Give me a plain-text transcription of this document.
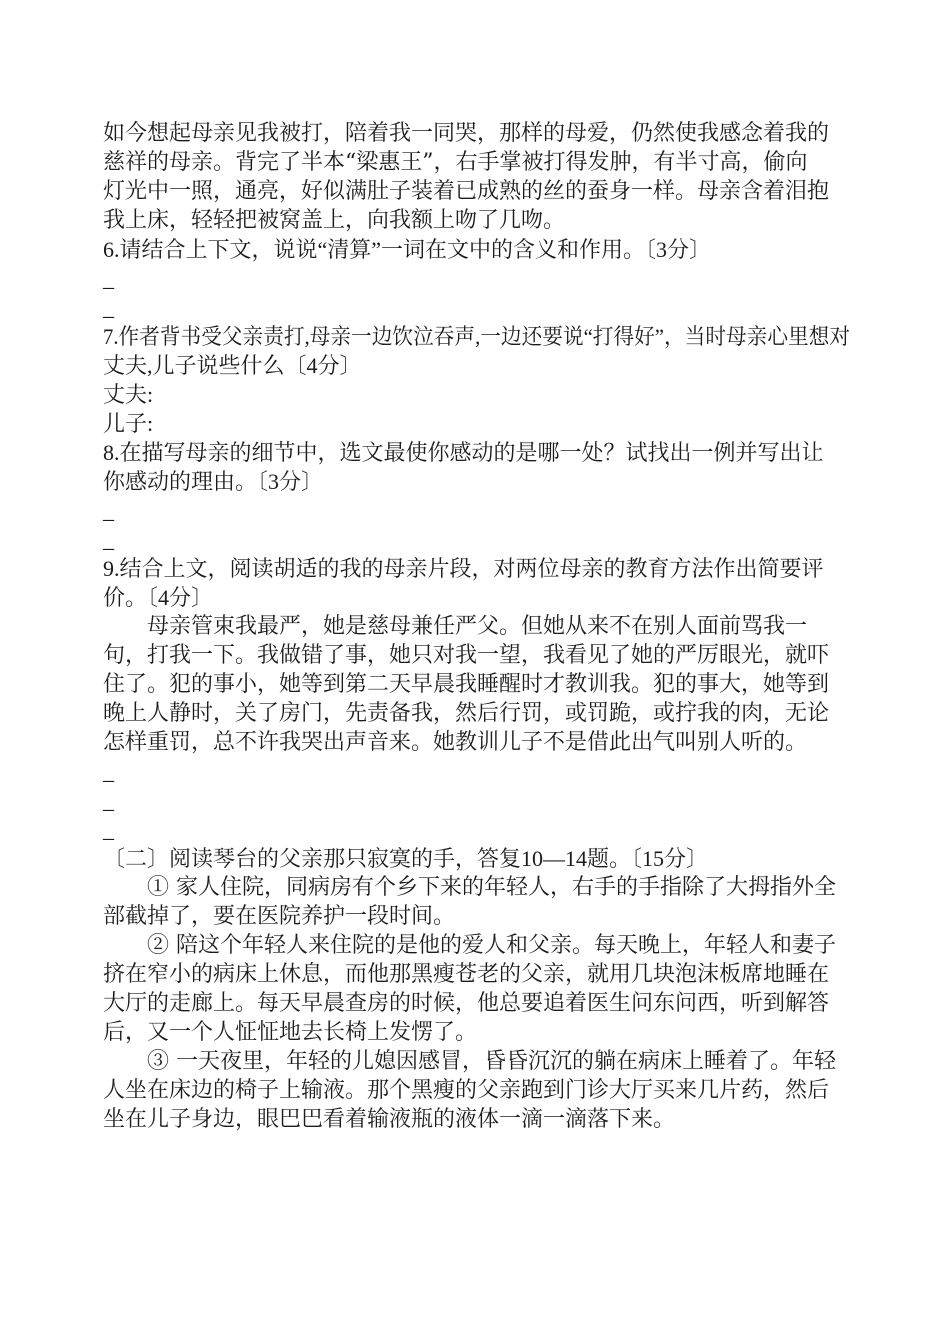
如今想起母亲见我被打，陪着我一同哭，那样的母爱，仍然使我感念着我的
慈祥的母亲。背完了半本“梁惠王”，右手掌被打得发肿，有半寸高，偷向
灯光中一照，通亮，好似满肚子装着已成熟的丝的蚕身一样。母亲含着泪抱
我上床，轻轻把被窝盖上，向我额上吻了几吻。
6.请结合上下文，说说“清算”一词在文中的含义和作用。〔3分〕
_
_
7.作者背书受父亲责打,母亲一边饮泣吞声,一边还要说“打得好”，当时母亲心里想对
丈夫,儿子说些什么〔4分〕
丈夫:
儿子:
8.在描写母亲的细节中，选文最使你感动的是哪一处？试找出一例并写出让
你感动的理由。〔3分〕
_
_
9.结合上文，阅读胡适的我的母亲片段，对两位母亲的教育方法作出简要评
价。〔4分〕
母亲管束我最严，她是慈母兼任严父。但她从来不在别人面前骂我一
句，打我一下。我做错了事，她只对我一望，我看见了她的严厉眼光，就吓
住了。犯的事小，她等到第二天早晨我睡醒时才教训我。犯的事大，她等到
晚上人静时，关了房门，先责备我，然后行罚，或罚跪，或拧我的肉，无论
怎样重罚，总不许我哭出声音来。她教训儿子不是借此出气叫别人听的。
_
_
_
〔二〕阅读琴台的父亲那只寂寞的手，答复10—14题。〔15分〕
① 家人住院，同病房有个乡下来的年轻人，右手的手指除了大拇指外全
部截掉了，要在医院养护一段时间。
② 陪这个年轻人来住院的是他的爱人和父亲。每天晚上，年轻人和妻子
挤在窄小的病床上休息，而他那黑瘦苍老的父亲，就用几块泡沫板席地睡在
大厅的走廊上。每天早晨查房的时候，他总要追着医生问东问西，听到解答
后，又一个人怔怔地去长椅上发愣了。
③ 一天夜里，年轻的儿媳因感冒，昏昏沉沉的躺在病床上睡着了。年轻
人坐在床边的椅子上输液。那个黑瘦的父亲跑到门诊大厅买来几片药，然后
坐在儿子身边，眼巴巴看着输液瓶的液体一滴一滴落下来。
